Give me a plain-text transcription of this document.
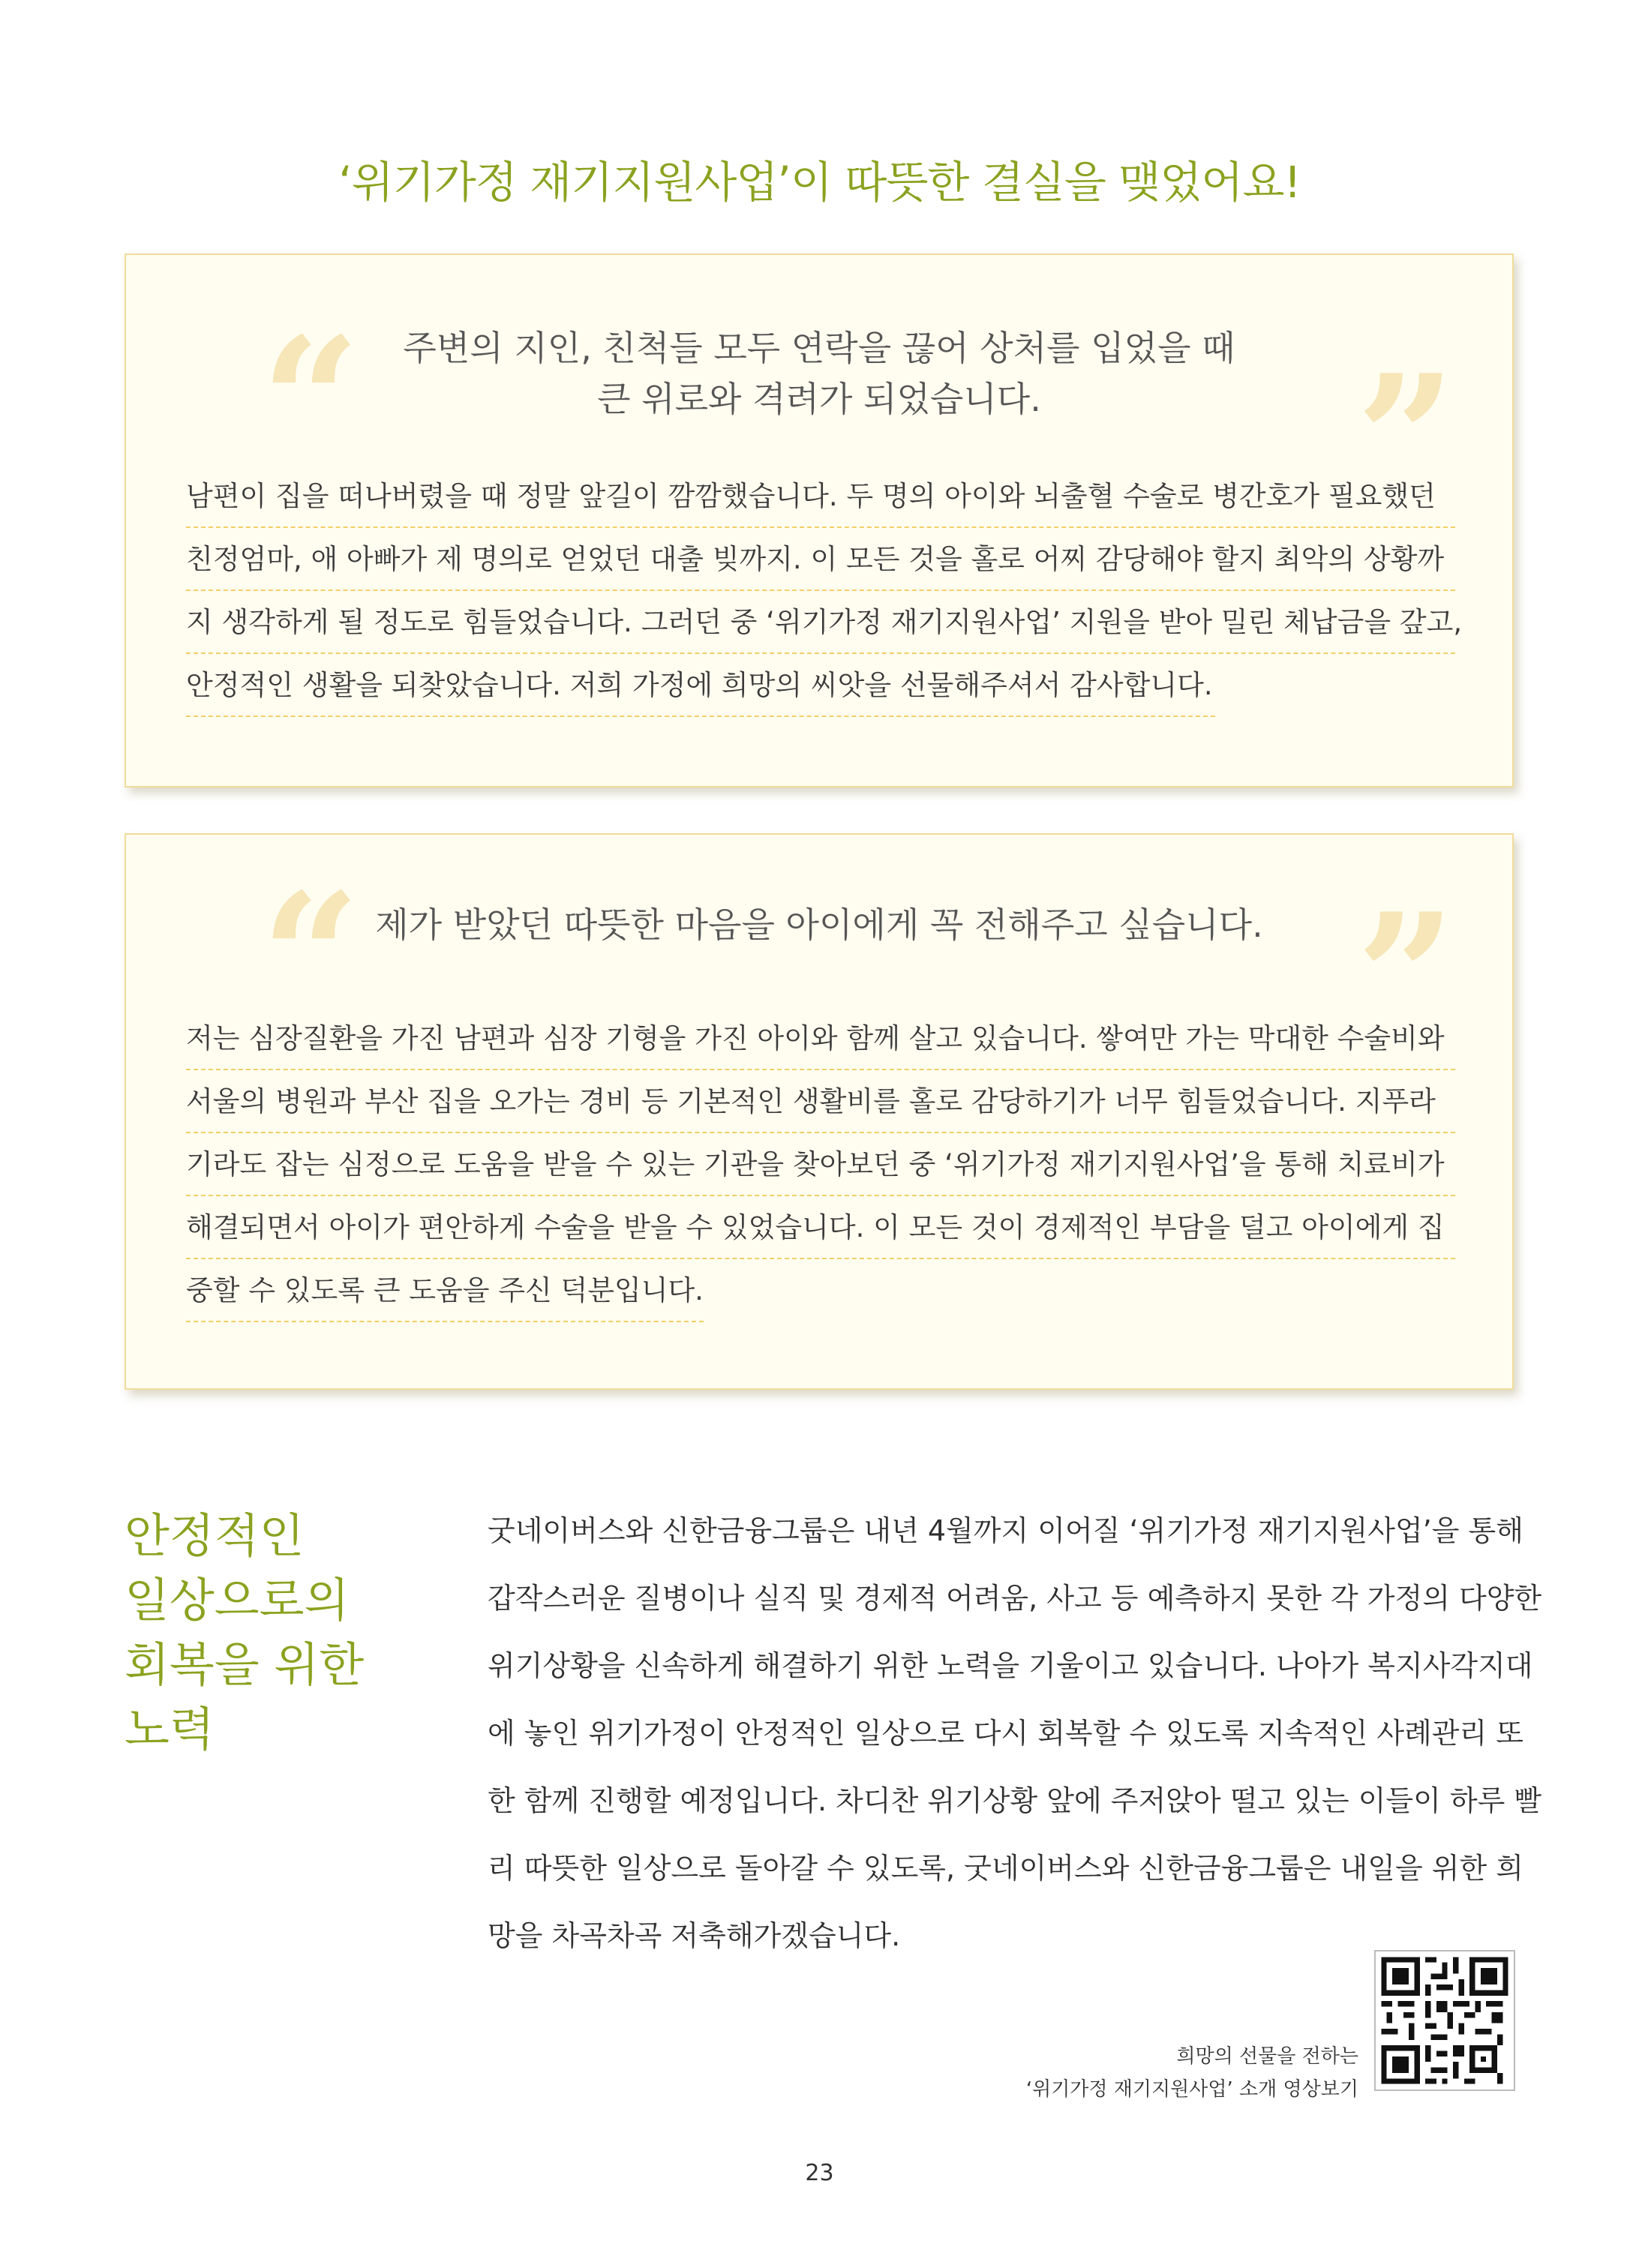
‘위기가정 재기지원사업’이 따뜻한 결실을 맺었어요!
“	”
주변의 지인, 친척들 모두 연락을 끊어 상처를 입었을 때
큰 위로와 격려가 되었습니다.
남편이 집을 떠나버렸을 때 정말 앞길이 깜깜했습니다. 두 명의 아이와 뇌출혈 수술로 병간호가 필요했던
친정엄마, 애 아빠가 제 명의로 얻었던 대출 빚까지. 이 모든 것을 홀로 어찌 감당해야 할지 최악의 상황까
지 생각하게 될 정도로 힘들었습니다. 그러던 중 ‘위기가정 재기지원사업’ 지원을 받아 밀린 체납금을 갚고,
안정적인 생활을 되찾았습니다. 저희 가정에 희망의 씨앗을 선물해주셔서 감사합니다.
“	”
제가 받았던 따뜻한 마음을 아이에게 꼭 전해주고 싶습니다.
저는 심장질환을 가진 남편과 심장 기형을 가진 아이와 함께 살고 있습니다. 쌓여만 가는 막대한 수술비와
서울의 병원과 부산 집을 오가는 경비 등 기본적인 생활비를 홀로 감당하기가 너무 힘들었습니다. 지푸라
기라도 잡는 심정으로 도움을 받을 수 있는 기관을 찾아보던 중 ‘위기가정 재기지원사업’을 통해 치료비가
해결되면서 아이가 편안하게 수술을 받을 수 있었습니다. 이 모든 것이 경제적인 부담을 덜고 아이에게 집
중할 수 있도록 큰 도움을 주신 덕분입니다.
안정적인
일상으로의
회복을 위한
노력
굿네이버스와 신한금융그룹은 내년 4월까지 이어질 ‘위기가정 재기지원사업’을 통해
갑작스러운 질병이나 실직 및 경제적 어려움, 사고 등 예측하지 못한 각 가정의 다양한
위기상황을 신속하게 해결하기 위한 노력을 기울이고 있습니다. 나아가 복지사각지대
에 놓인 위기가정이 안정적인 일상으로 다시 회복할 수 있도록 지속적인 사례관리 또
한 함께 진행할 예정입니다. 차디찬 위기상황 앞에 주저앉아 떨고 있는 이들이 하루 빨
리 따뜻한 일상으로 돌아갈 수 있도록, 굿네이버스와 신한금융그룹은 내일을 위한 희
망을 차곡차곡 저축해가겠습니다.
희망의 선물을 전하는
‘위기가정 재기지원사업’ 소개 영상보기
23
